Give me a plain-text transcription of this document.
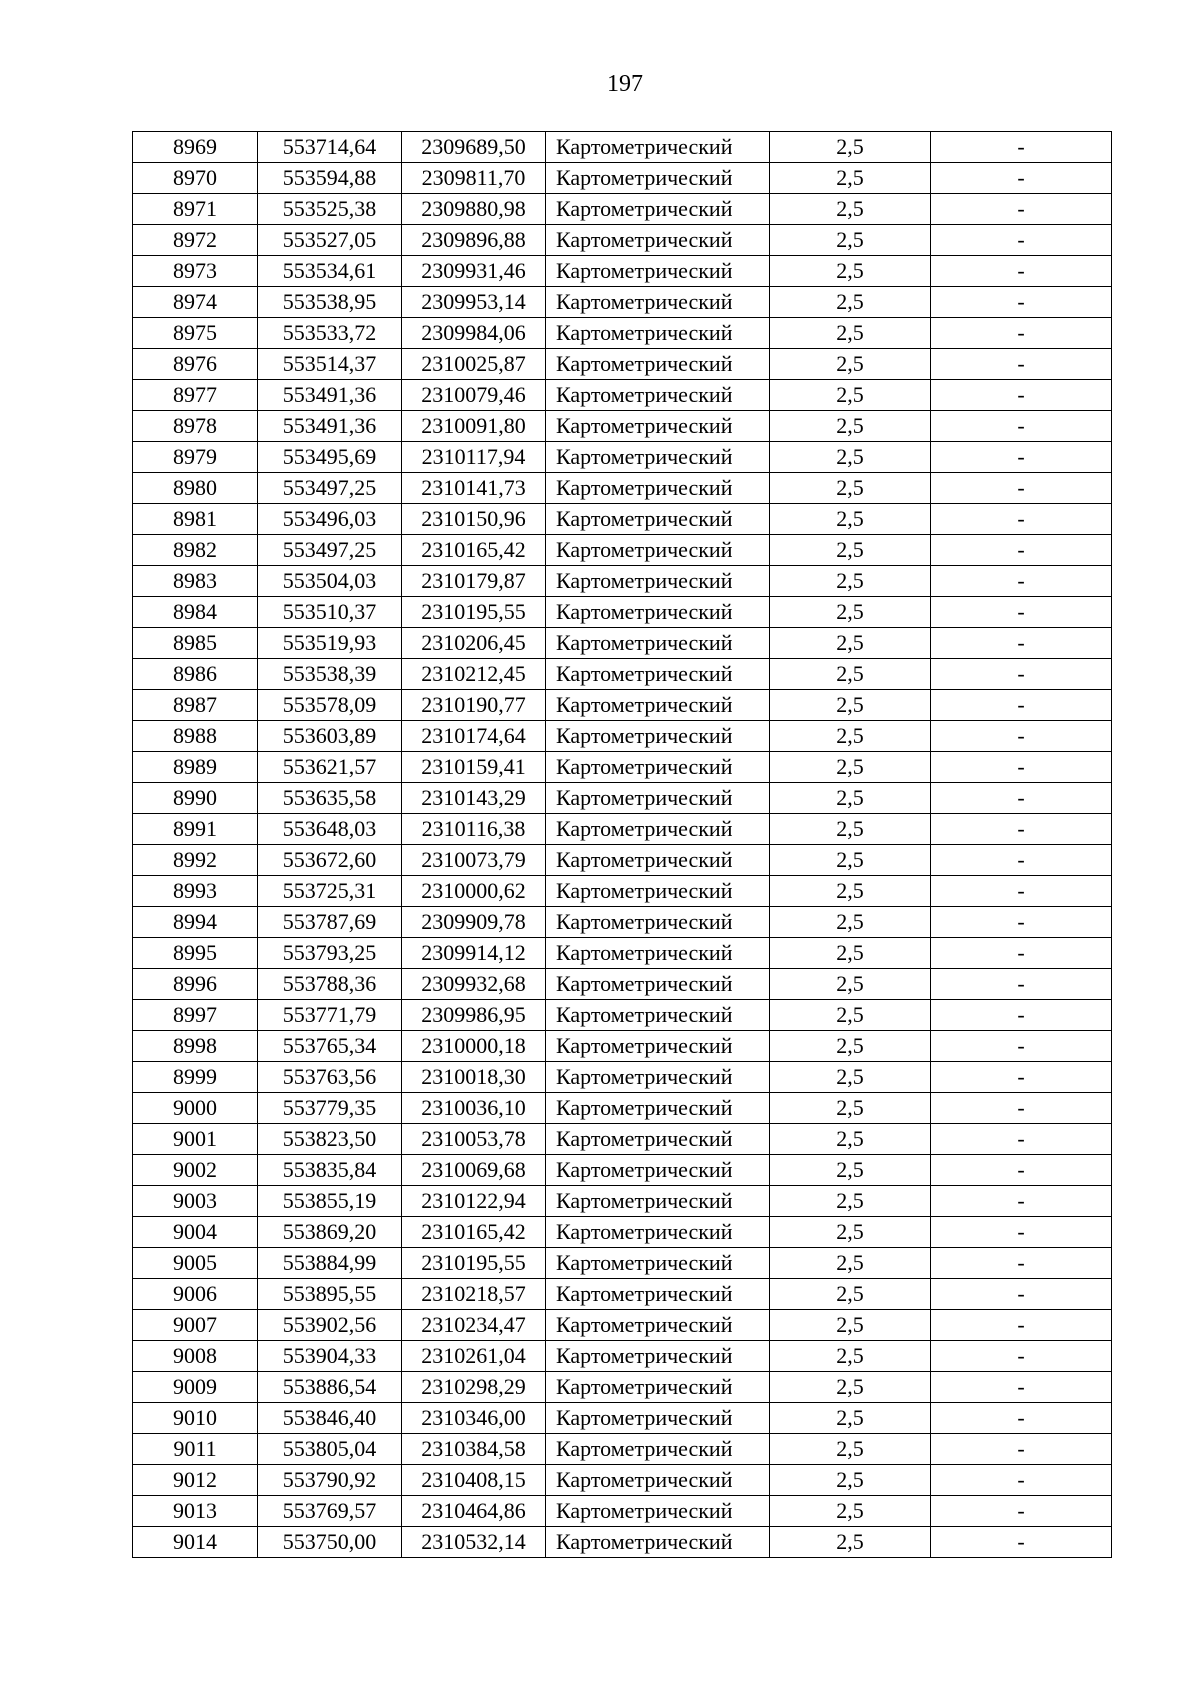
197
8969	553714,64	2309689,50	Картометрический	2,5	-
8970	553594,88	2309811,70	Картометрический	2,5	-
8971	553525,38	2309880,98	Картометрический	2,5	-
8972	553527,05	2309896,88	Картометрический	2,5	-
8973	553534,61	2309931,46	Картометрический	2,5	-
8974	553538,95	2309953,14	Картометрический	2,5	-
8975	553533,72	2309984,06	Картометрический	2,5	-
8976	553514,37	2310025,87	Картометрический	2,5	-
8977	553491,36	2310079,46	Картометрический	2,5	-
8978	553491,36	2310091,80	Картометрический	2,5	-
8979	553495,69	2310117,94	Картометрический	2,5	-
8980	553497,25	2310141,73	Картометрический	2,5	-
8981	553496,03	2310150,96	Картометрический	2,5	-
8982	553497,25	2310165,42	Картометрический	2,5	-
8983	553504,03	2310179,87	Картометрический	2,5	-
8984	553510,37	2310195,55	Картометрический	2,5	-
8985	553519,93	2310206,45	Картометрический	2,5	-
8986	553538,39	2310212,45	Картометрический	2,5	-
8987	553578,09	2310190,77	Картометрический	2,5	-
8988	553603,89	2310174,64	Картометрический	2,5	-
8989	553621,57	2310159,41	Картометрический	2,5	-
8990	553635,58	2310143,29	Картометрический	2,5	-
8991	553648,03	2310116,38	Картометрический	2,5	-
8992	553672,60	2310073,79	Картометрический	2,5	-
8993	553725,31	2310000,62	Картометрический	2,5	-
8994	553787,69	2309909,78	Картометрический	2,5	-
8995	553793,25	2309914,12	Картометрический	2,5	-
8996	553788,36	2309932,68	Картометрический	2,5	-
8997	553771,79	2309986,95	Картометрический	2,5	-
8998	553765,34	2310000,18	Картометрический	2,5	-
8999	553763,56	2310018,30	Картометрический	2,5	-
9000	553779,35	2310036,10	Картометрический	2,5	-
9001	553823,50	2310053,78	Картометрический	2,5	-
9002	553835,84	2310069,68	Картометрический	2,5	-
9003	553855,19	2310122,94	Картометрический	2,5	-
9004	553869,20	2310165,42	Картометрический	2,5	-
9005	553884,99	2310195,55	Картометрический	2,5	-
9006	553895,55	2310218,57	Картометрический	2,5	-
9007	553902,56	2310234,47	Картометрический	2,5	-
9008	553904,33	2310261,04	Картометрический	2,5	-
9009	553886,54	2310298,29	Картометрический	2,5	-
9010	553846,40	2310346,00	Картометрический	2,5	-
9011	553805,04	2310384,58	Картометрический	2,5	-
9012	553790,92	2310408,15	Картометрический	2,5	-
9013	553769,57	2310464,86	Картометрический	2,5	-
9014	553750,00	2310532,14	Картометрический	2,5	-
